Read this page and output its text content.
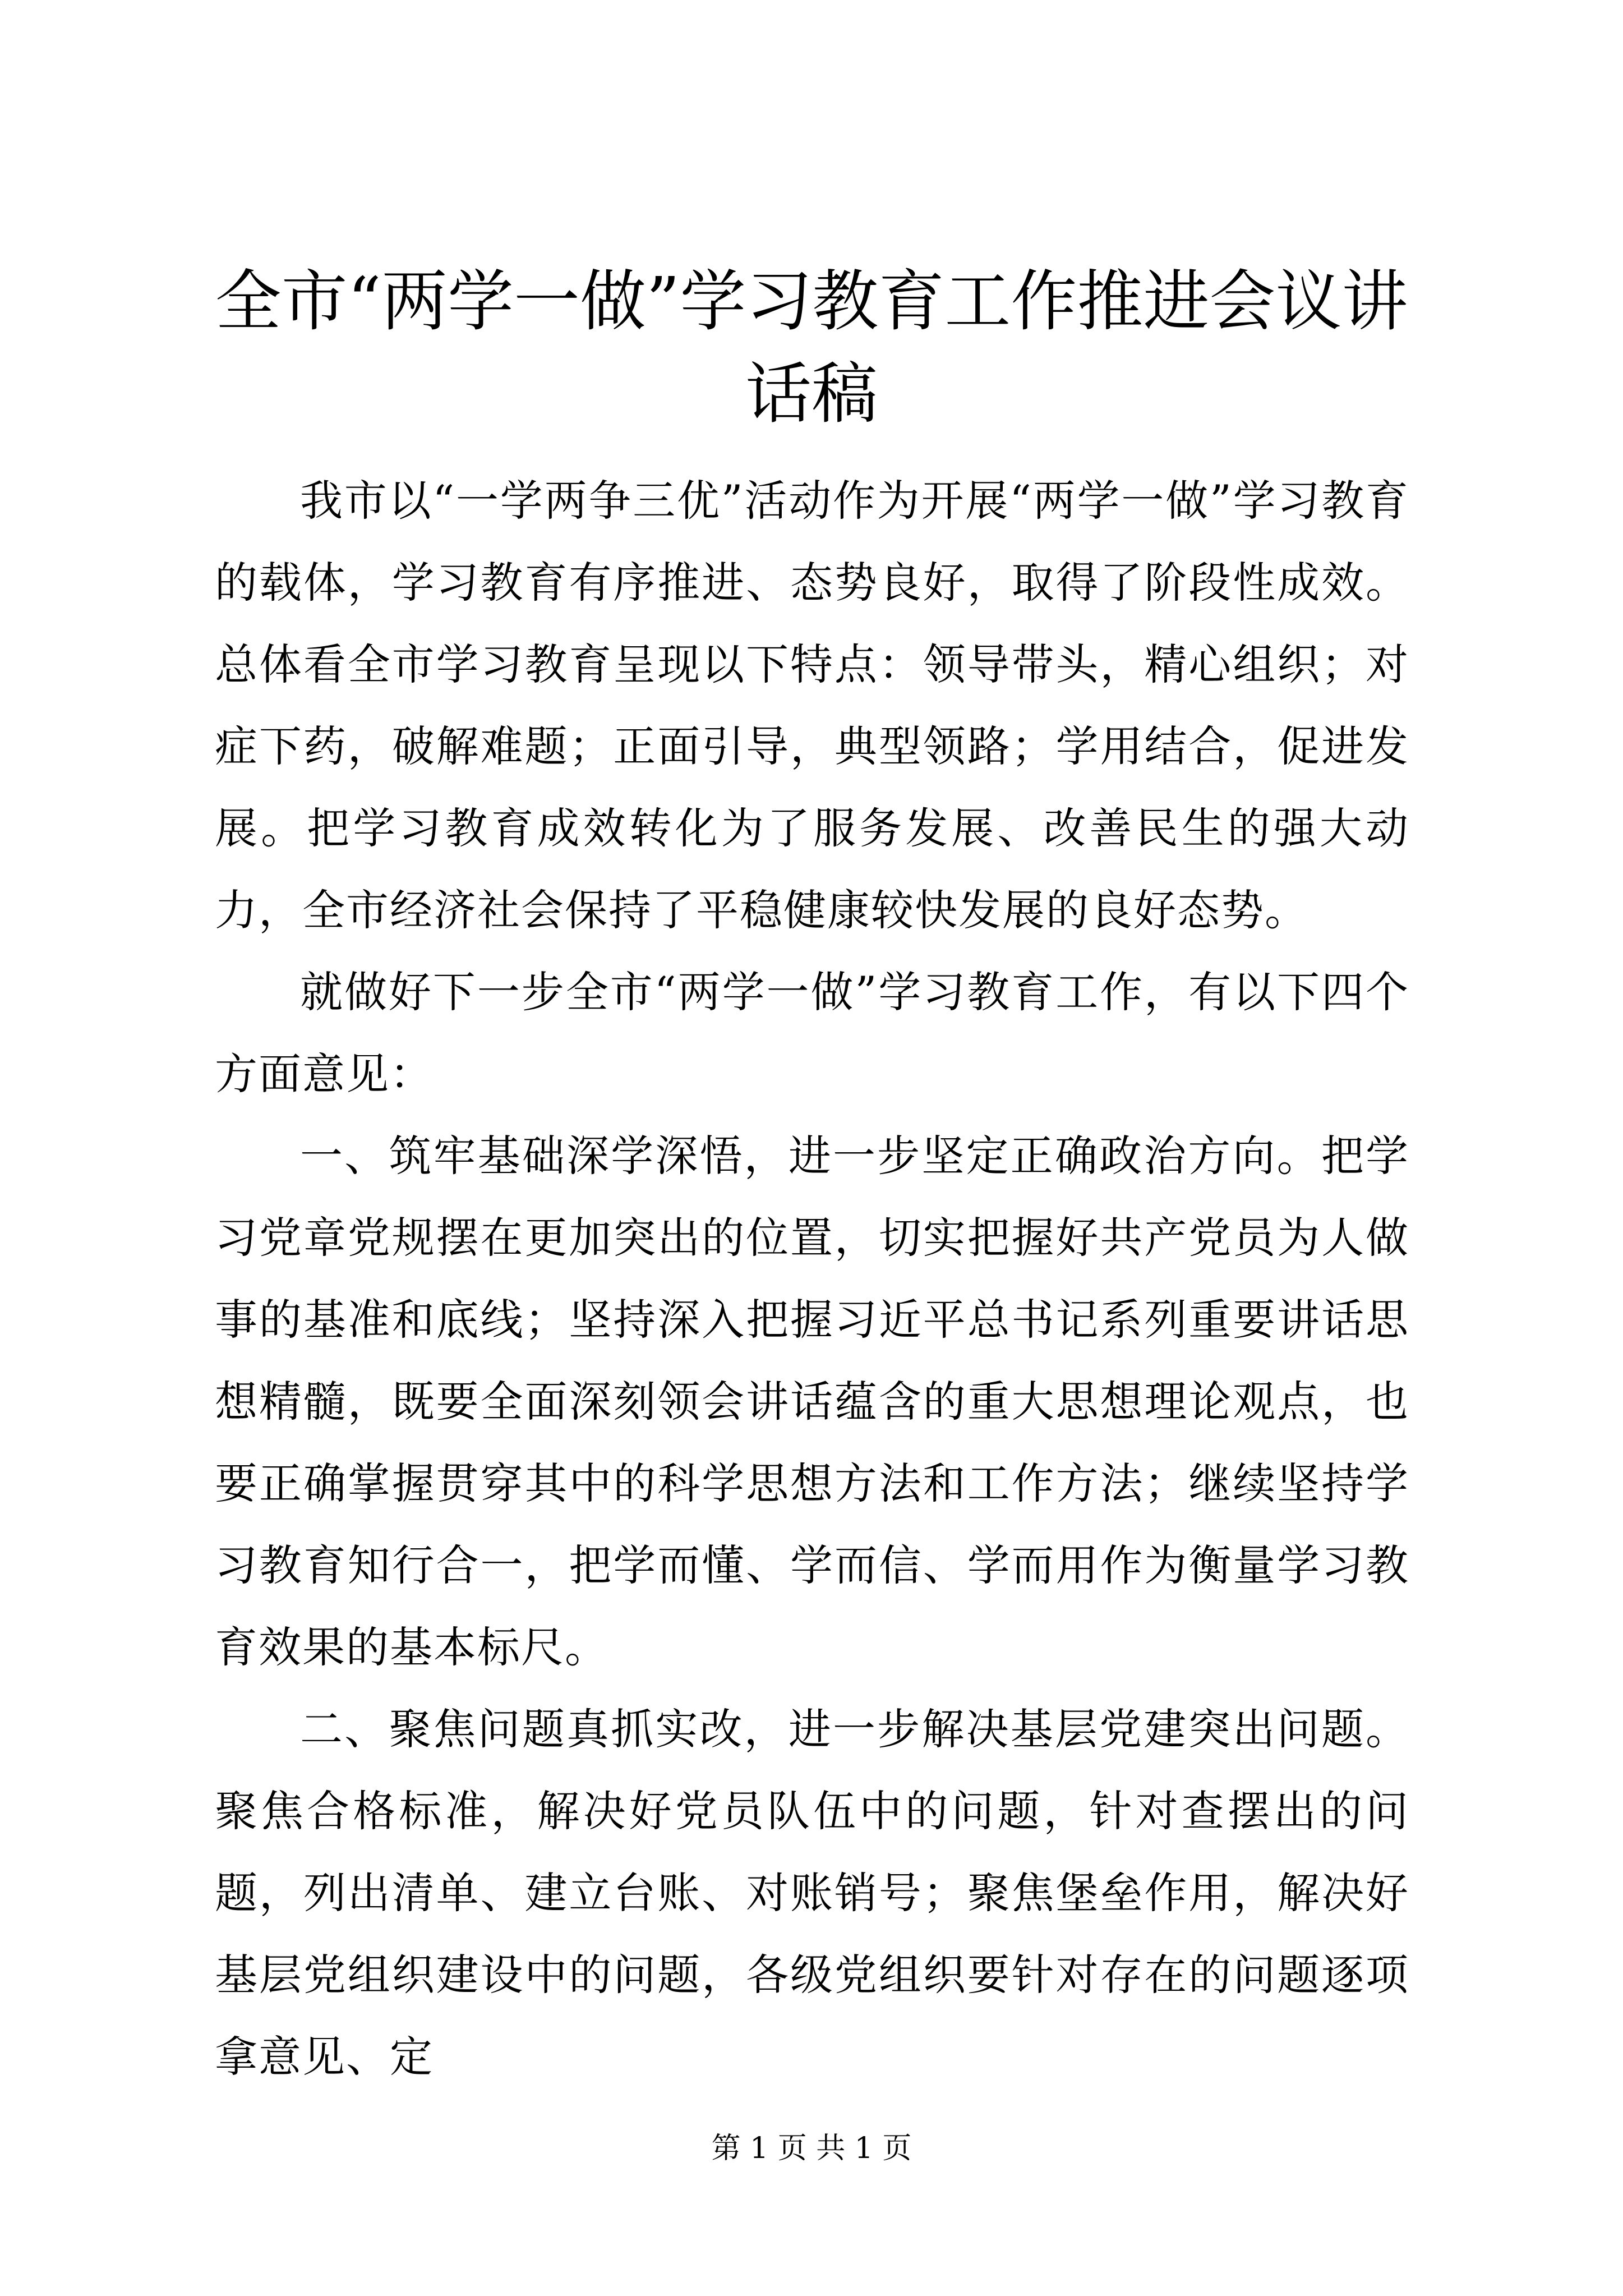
全市“两学一做”学习教育工作推进会议讲话稿

我市以“一学两争三优”活动作为开展“两学一做”学习教育的载体，学习教育有序推进、态势良好，取得了阶段性成效。总体看全市学习教育呈现以下特点：领导带头，精心组织；对症下药，破解难题；正面引导，典型领路；学用结合，促进发展。把学习教育成效转化为了服务发展、改善民生的强大动力，全市经济社会保持了平稳健康较快发展的良好态势。

就做好下一步全市“两学一做”学习教育工作，有以下四个方面意见：

一、筑牢基础深学深悟，进一步坚定正确政治方向。把学习党章党规摆在更加突出的位置，切实把握好共产党员为人做事的基准和底线；坚持深入把握习近平总书记系列重要讲话思想精髓，既要全面深刻领会讲话蕴含的重大思想理论观点，也要正确掌握贯穿其中的科学思想方法和工作方法；继续坚持学习教育知行合一，把学而懂、学而信、学而用作为衡量学习教育效果的基本标尺。

二、聚焦问题真抓实改，进一步解决基层党建突出问题。聚焦合格标准，解决好党员队伍中的问题，针对查摆出的问题，列出清单、建立台账、对账销号；聚焦堡垒作用，解决好基层党组织建设中的问题，各级党组织要针对存在的问题逐项拿意见、定

第 1 页 共 1 页
